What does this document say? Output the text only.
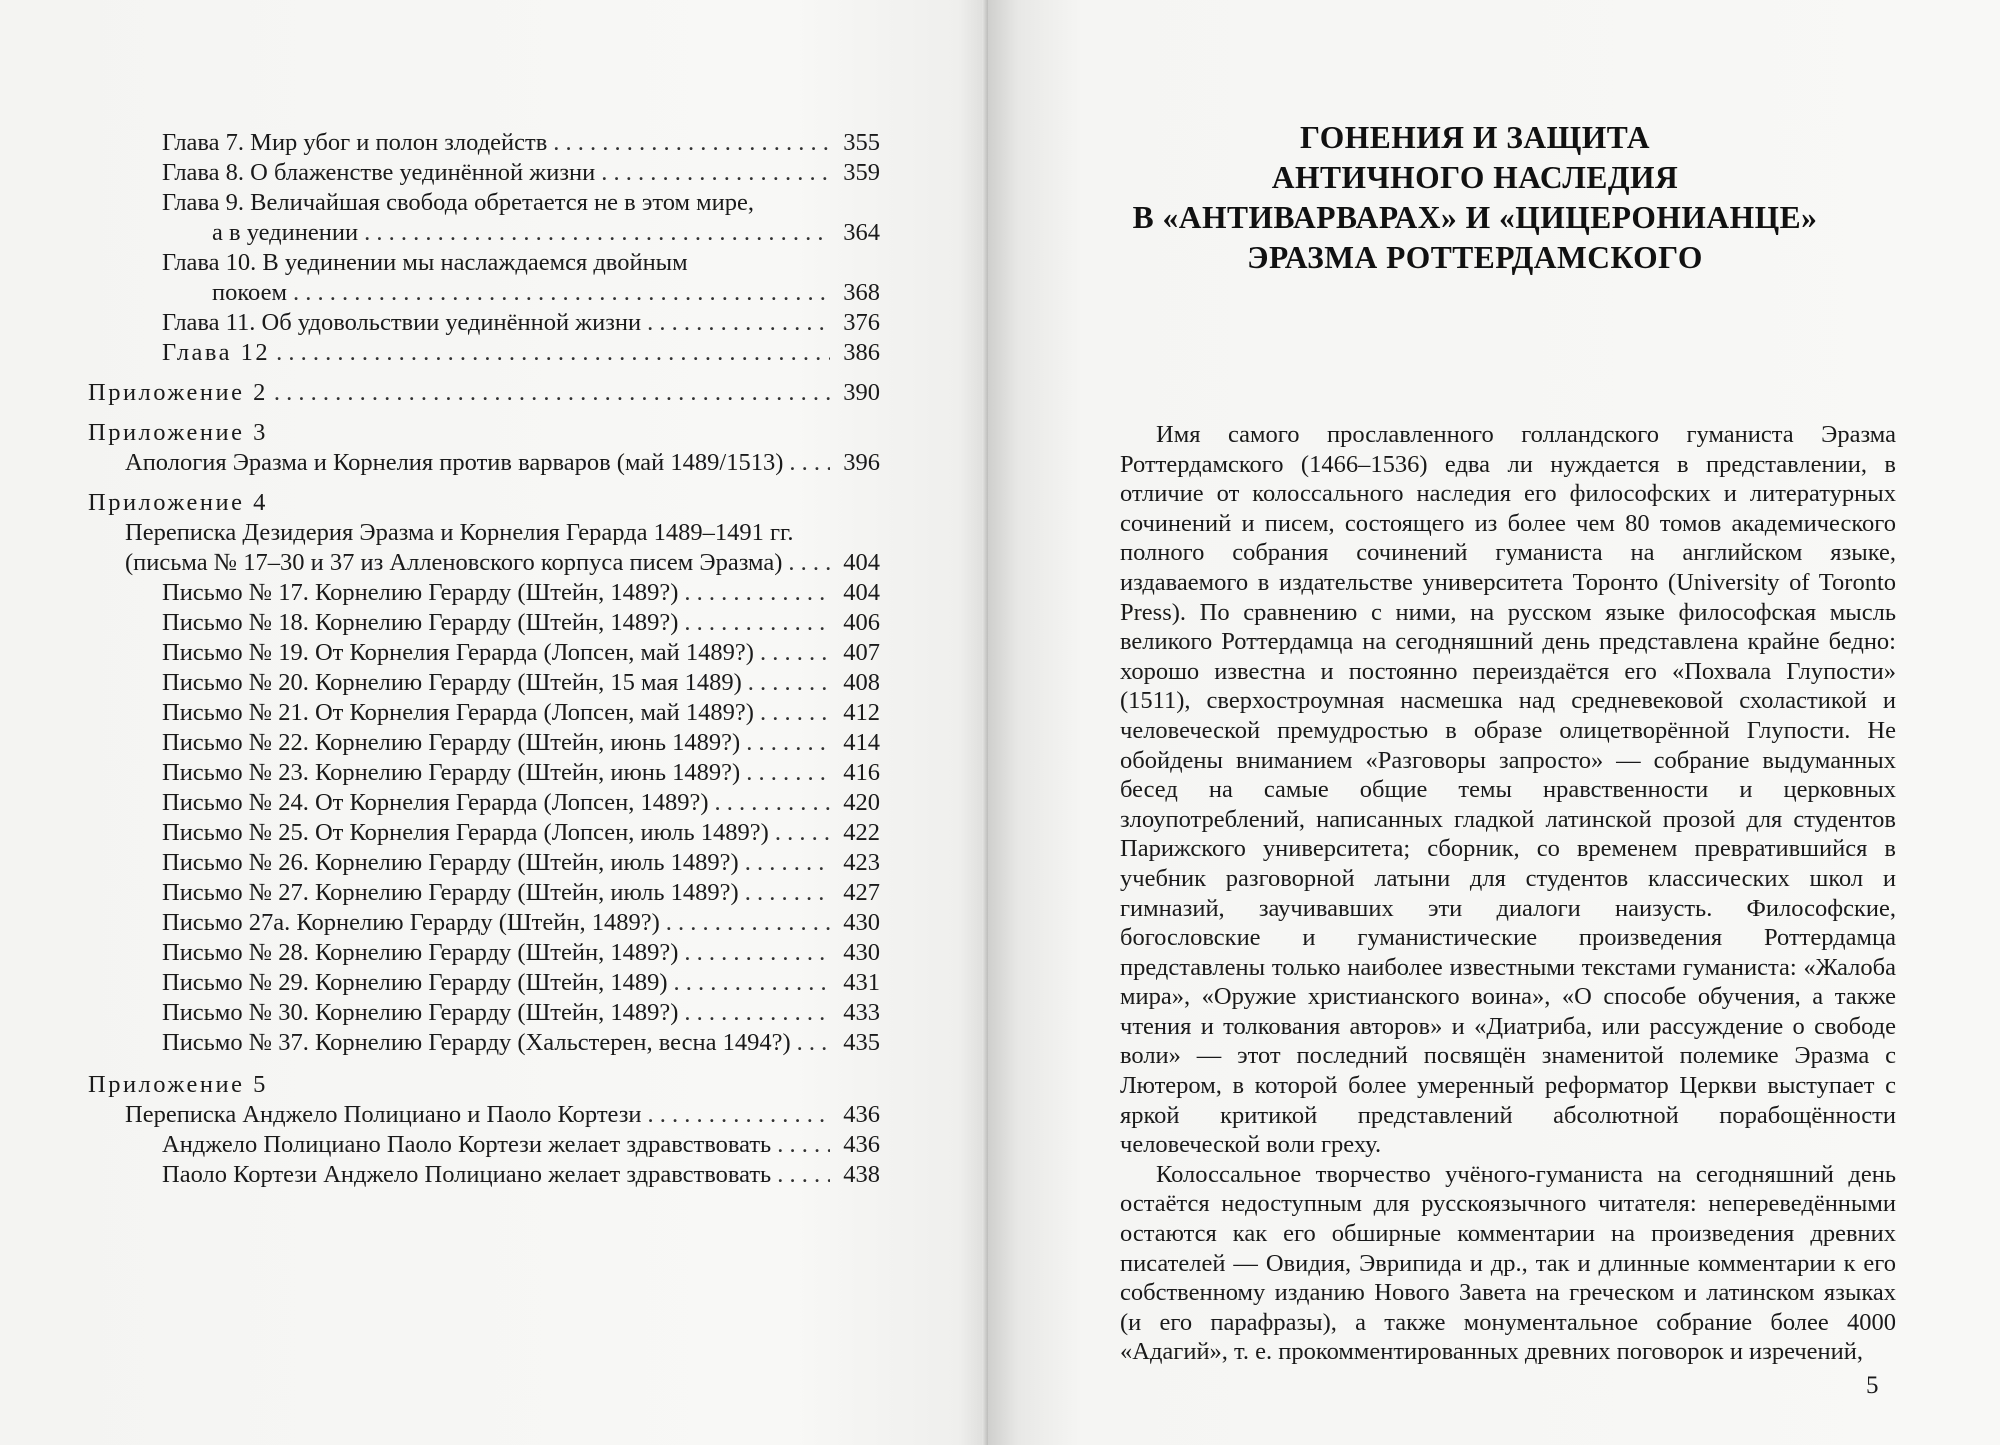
Глава 7. Мир убог и полон злодейств . . .	355
Глава 8. О блаженстве уединённой жизни . . .	359
Глава 9. Величайшая свобода обретается не в этом мире,
а в уединении . . .	364
Глава 10. В уединении мы наслаждаемся двойным
покоем . . .	368
Глава 11. Об удовольствии уединённой жизни . . .	376
Глава 12 . . .	386
Приложение 2 . . .	390
Приложение 3
Апология Эразма и Корнелия против варваров (май 1489/1513) . . . 396
Приложение 4
Переписка Дезидерия Эразма и Корнелия Герарда 1489–1491 гг.
(письма № 17–30 и 37 из Алленовского корпуса писем Эразма) . . . 404
Письмо № 17. Корнелию Герарду (Штейн, 1489?) . . .	404
Письмо № 18. Корнелию Герарду (Штейн, 1489?) . . .	406
Письмо № 19. От Корнелия Герарда (Лопсен, май 1489?) . . .	407
Письмо № 20. Корнелию Герарду (Штейн, 15 мая 1489) . . .	408
Письмо № 21. От Корнелия Герарда (Лопсен, май 1489?) . . .	412
Письмо № 22. Корнелию Герарду (Штейн, июнь 1489?) . . .	414
Письмо № 23. Корнелию Герарду (Штейн, июнь 1489?) . . .	416
Письмо № 24. От Корнелия Герарда (Лопсен, 1489?) . . .	420
Письмо № 25. От Корнелия Герарда (Лопсен, июль 1489?) . . .	422
Письмо № 26. Корнелию Герарду (Штейн, июль 1489?) . . .	423
Письмо № 27. Корнелию Герарду (Штейн, июль 1489?) . . .	427
Письмо 27а. Корнелию Герарду (Штейн, 1489?) . . .	430
Письмо № 28. Корнелию Герарду (Штейн, 1489?) . . .	430
Письмо № 29. Корнелию Герарду (Штейн, 1489) . . .	431
Письмо № 30. Корнелию Герарду (Штейн, 1489?) . . .	433
Письмо № 37. Корнелию Герарду (Хальстерен, весна 1494?) . . . 435
Приложение 5
Переписка Анджело Полициано и Паоло Кортези . . .	436
Анджело Полициано Паоло Кортези желает здравствовать . . .	436
Паоло Кортези Анджело Полициано желает здравствовать . . .	438
ГОНЕНИЯ И ЗАЩИТА
АНТИЧНОГО НАСЛЕДИЯ
В «АНТИВАРВАРАХ» И «ЦИЦЕРОНИАНЦЕ»
ЭРАЗМА РОТТЕРДАМСКОГО

Имя самого прославленного голландского гуманиста Эразма Роттердамского (1466–1536) едва ли нуждается в представлении, в отличие от колоссального наследия его философских и литературных сочинений и писем, состоящего из более чем 80 томов академического полного собрания сочинений гуманиста на английском языке, издаваемого в издательстве университета Торонто (University of Toronto Press). По сравнению с ними, на русском языке философская мысль великого Роттердамца на сегодняшний день представлена крайне бедно: хорошо известна и постоянно переиздаётся его «Похвала Глупости» (1511), сверхостроумная насмешка над средневековой схоластикой и человеческой премудростью в образе олицетворённой Глупости. Не обойдены вниманием «Разговоры запросто» — собрание выдуманных бесед на самые общие темы нравственности и церковных злоупотреблений, написанных гладкой латинской прозой для студентов Парижского университета; сборник, со временем превратившийся в учебник разговорной латыни для студентов классических школ и гимназий, заучивавших эти диалоги наизусть. Философские, богословские и гуманистические произведения Роттердамца представлены только наиболее известными текстами гуманиста: «Жалоба мира», «Оружие христианского воина», «О способе обучения, а также чтения и толкования авторов» и «Диатриба, или рассуждение о свободе воли» — этот последний посвящён знаменитой полемике Эразма с Лютером, в которой более умеренный реформатор Церкви выступает с яркой критикой представлений абсолютной порабощённости человеческой воли греху.

Колоссальное творчество учёного-гуманиста на сегодняшний день остаётся недоступным для русскоязычного читателя: непереведёнными остаются как его обширные комментарии на произведения древних писателей — Овидия, Эврипида и др., так и длинные комментарии к его собственному изданию Нового Завета на греческом и латинском языках (и его парафразы), а также монументальное собрание более 4000 «Адагий», т. е. прокомментированных древних поговорок и изречений,

5
